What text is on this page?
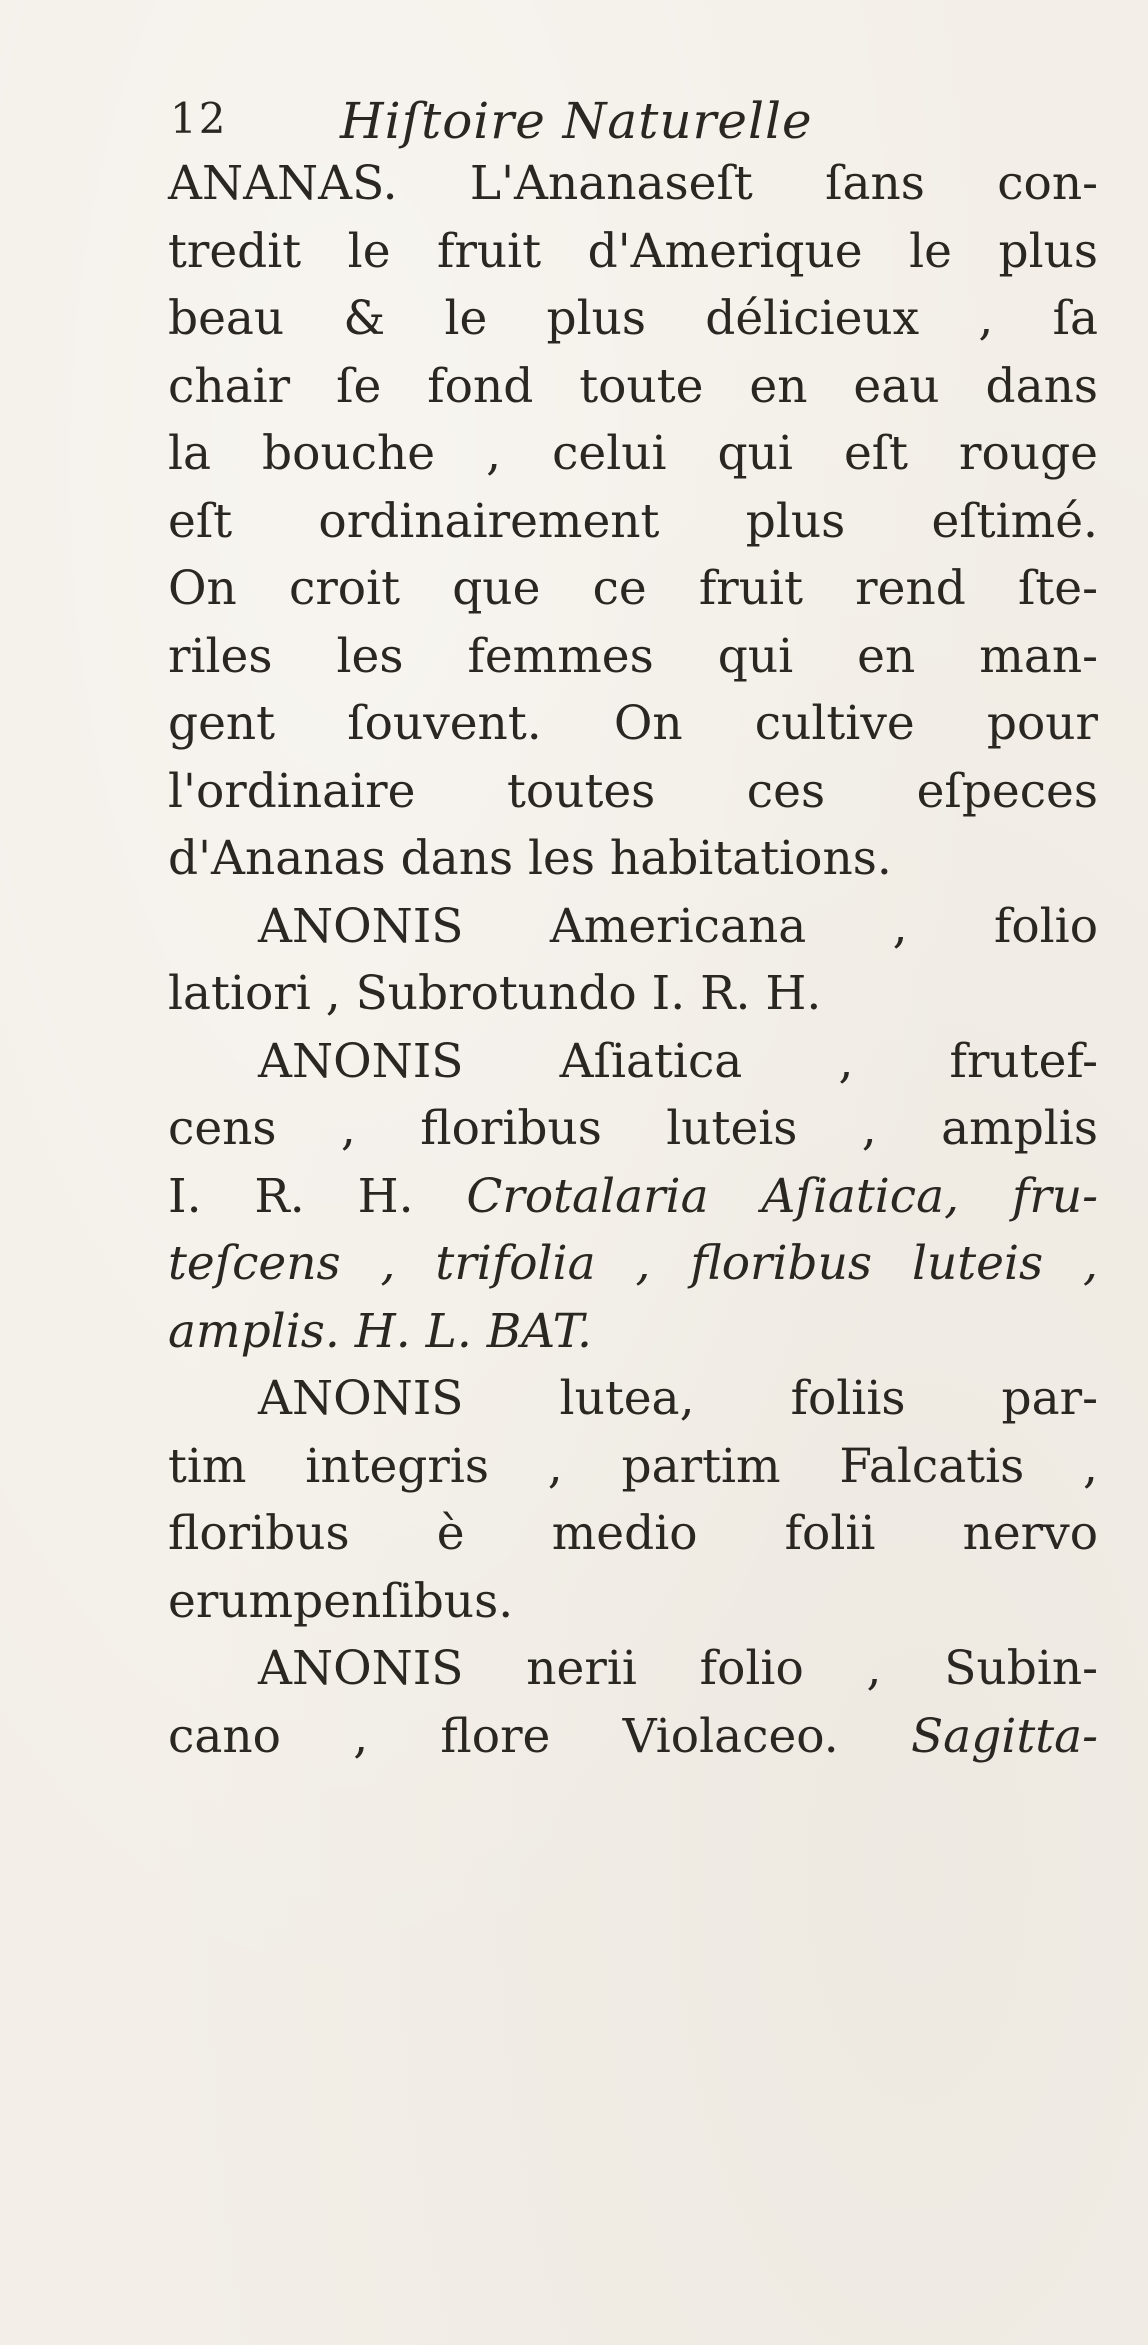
12 Hiſtoire Naturelle
ANANAS. L'Ananaseſt ſans con-
tredit le fruit d'Amerique le plus
beau & le plus délicieux , ſa
chair ſe fond toute en eau dans
la bouche , celui qui eſt rouge
eſt ordinairement plus eſtimé.
On croit que ce fruit rend ſte-
riles les femmes qui en man-
gent ſouvent. On cultive pour
l'ordinaire toutes ces eſpeces
d'Ananas dans les habitations.
ANONIS Americana , folio
latiori , Subrotundo I. R. H.
ANONIS Aſiatica , frutef-
cens , floribus luteis , amplis
I. R. H. Crotalaria Aſiatica, fru-
teſcens , trifolia , floribus luteis ,
amplis. H. L. BAT.
ANONIS lutea, foliis par-
tim integris , partim Falcatis ,
floribus è medio folii nervo
erumpenſibus.
ANONIS nerii folio , Subin-
cano , flore Violaceo. Sagitta-
